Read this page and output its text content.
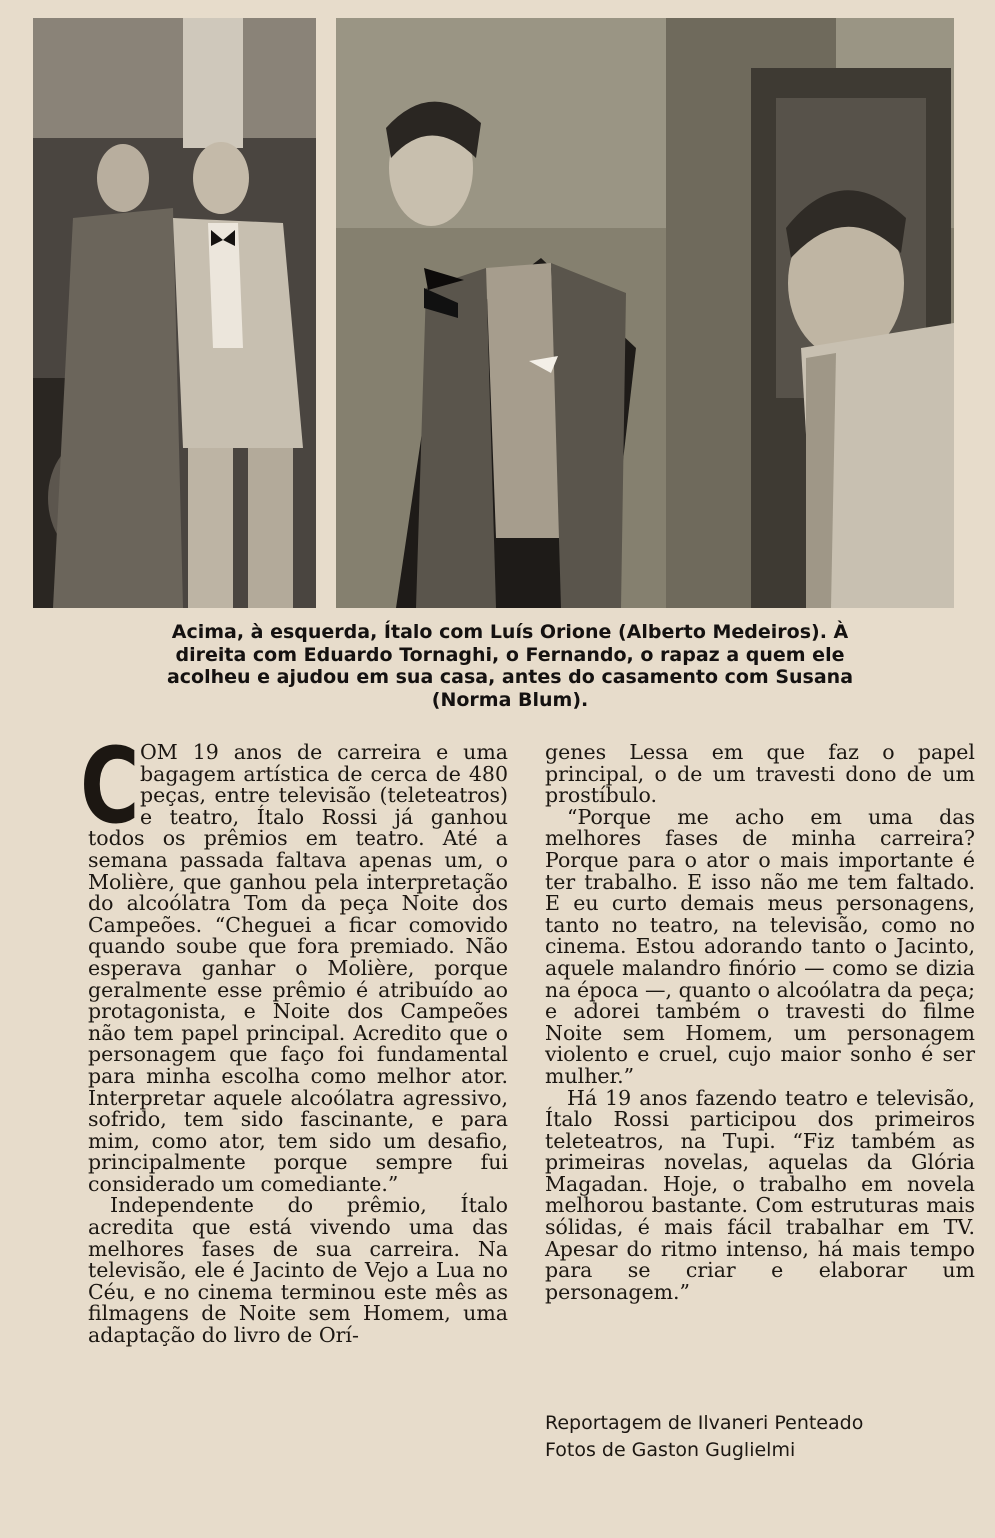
Acima, à esquerda, Ítalo com Luís Orione (Alberto Medeiros). À direita com Eduardo Tornaghi, o Fernando, o rapaz a quem ele acolheu e ajudou em sua casa, antes do casamento com Susana (Norma Blum).

COM 19 anos de carreira e uma bagagem artística de cerca de 480 peças, entre televisão (teleteatros) e teatro, Ítalo Rossi já ganhou todos os prêmios em teatro. Até a semana passada faltava apenas um, o Molière, que ganhou pela interpretação do alcoólatra Tom da peça Noite dos Campeões. “Cheguei a ficar comovido quando soube que fora premiado. Não esperava ganhar o Molière, porque geralmente esse prêmio é atribuído ao protagonista, e Noite dos Campeões não tem papel principal. Acredito que o personagem que faço foi fundamental para minha escolha como melhor ator. Interpretar aquele alcoólatra agressivo, sofrido, tem sido fascinante, e para mim, como ator, tem sido um desafio, principalmente porque sempre fui considerado um comediante.”

Independente do prêmio, Ítalo acredita que está vivendo uma das melhores fases de sua carreira. Na televisão, ele é Jacinto de Vejo a Lua no Céu, e no cinema terminou este mês as filmagens de Noite sem Homem, uma adaptação do livro de Orí-

genes Lessa em que faz o papel principal, o de um travesti dono de um prostíbulo.

“Porque me acho em uma das melhores fases de minha carreira? Porque para o ator o mais importante é ter trabalho. E isso não me tem faltado. E eu curto demais meus personagens, tanto no teatro, na televisão, como no cinema. Estou adorando tanto o Jacinto, aquele malandro finório — como se dizia na época —, quanto o alcoólatra da peça; e adorei também o travesti do filme Noite sem Homem, um personagem violento e cruel, cujo maior sonho é ser mulher.”

Há 19 anos fazendo teatro e televisão, Ítalo Rossi participou dos primeiros teleteatros, na Tupi. “Fiz também as primeiras novelas, aquelas da Glória Magadan. Hoje, o trabalho em novela melhorou bastante. Com estruturas mais sólidas, é mais fácil trabalhar em TV. Apesar do ritmo intenso, há mais tempo para se criar e elaborar um personagem.”

Reportagem de Ilvaneri Penteado
Fotos de Gaston Guglielmi
